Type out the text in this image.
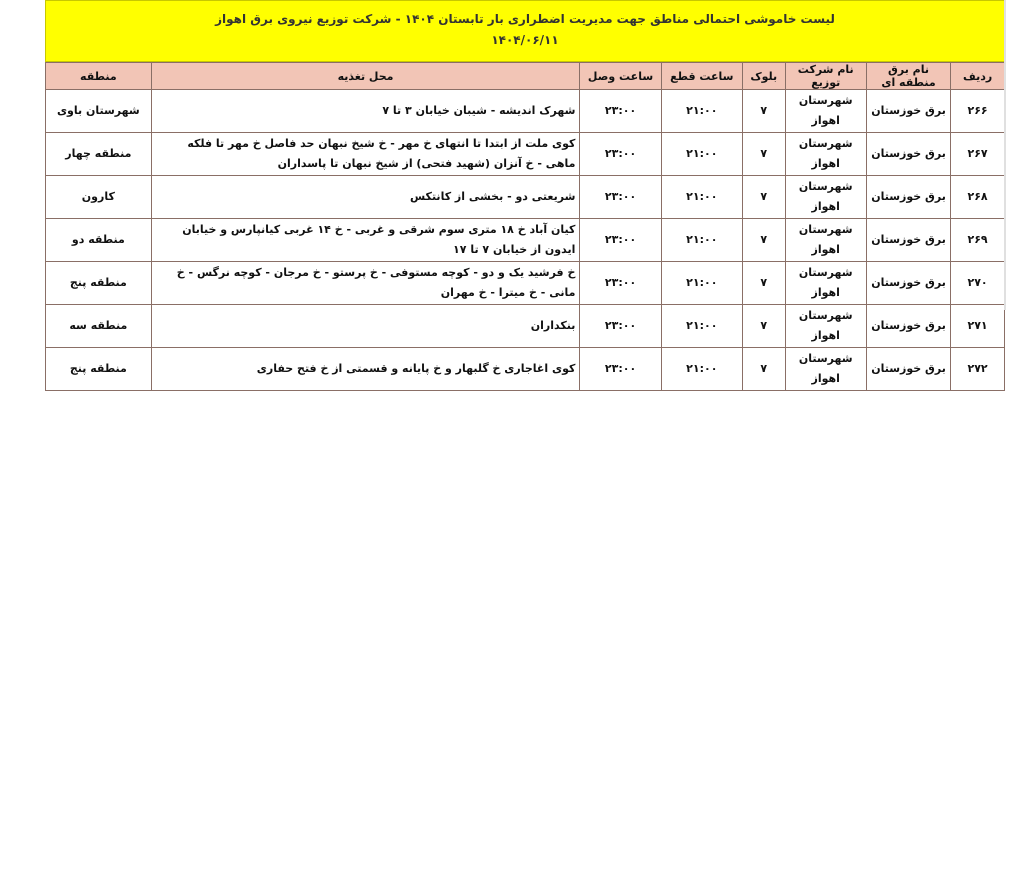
لیست خاموشی احتمالی مناطق جهت مدیریت اضطراری بار تابستان ۱۴۰۴ - شرکت توزیع نیروی برق اهواز
۱۴۰۴/۰۶/۱۱
ردیف	نام برق منطقه ای	نام شرکت توزیع	بلوک	ساعت قطع	ساعت وصل	محل تغذیه	منطقه
۲۶۶	برق خوزستان	شهرستان اهواز	۷	۲۱:۰۰	۲۳:۰۰	شهرک اندیشه - شیبان خیابان ۳ تا ۷	شهرستان باوی
۲۶۷	برق خوزستان	شهرستان اهواز	۷	۲۱:۰۰	۲۳:۰۰	کوی ملت از ابتدا تا انتهای خ مهر - خ شیخ نبهان حد فاصل خ مهر تا فلکه ماهی - خ آنزان (شهید فتحی) از شیخ نبهان تا پاسداران	منطقه چهار
۲۶۸	برق خوزستان	شهرستان اهواز	۷	۲۱:۰۰	۲۳:۰۰	شریعتی دو - بخشی از کانتکس	کارون
۲۶۹	برق خوزستان	شهرستان اهواز	۷	۲۱:۰۰	۲۳:۰۰	کیان آباد خ ۱۸ متری سوم شرقی و غربی - خ ۱۴ غربی کیانپارس و خیابان ایدون از خیابان ۷ تا ۱۷	منطقه دو
۲۷۰	برق خوزستان	شهرستان اهواز	۷	۲۱:۰۰	۲۳:۰۰	خ فرشید یک و دو - کوچه مستوفی - خ پرستو - خ مرجان - کوچه نرگس - خ مانی - خ میترا - خ مهران	منطقه پنج
۲۷۱	برق خوزستان	شهرستان اهواز	۷	۲۱:۰۰	۲۳:۰۰	بنکداران	منطقه سه
۲۷۲	برق خوزستان	شهرستان اهواز	۷	۲۱:۰۰	۲۳:۰۰	کوی اغاجاری خ گلبهار و خ پایانه و قسمتی از خ فتح حفاری	منطقه پنج
